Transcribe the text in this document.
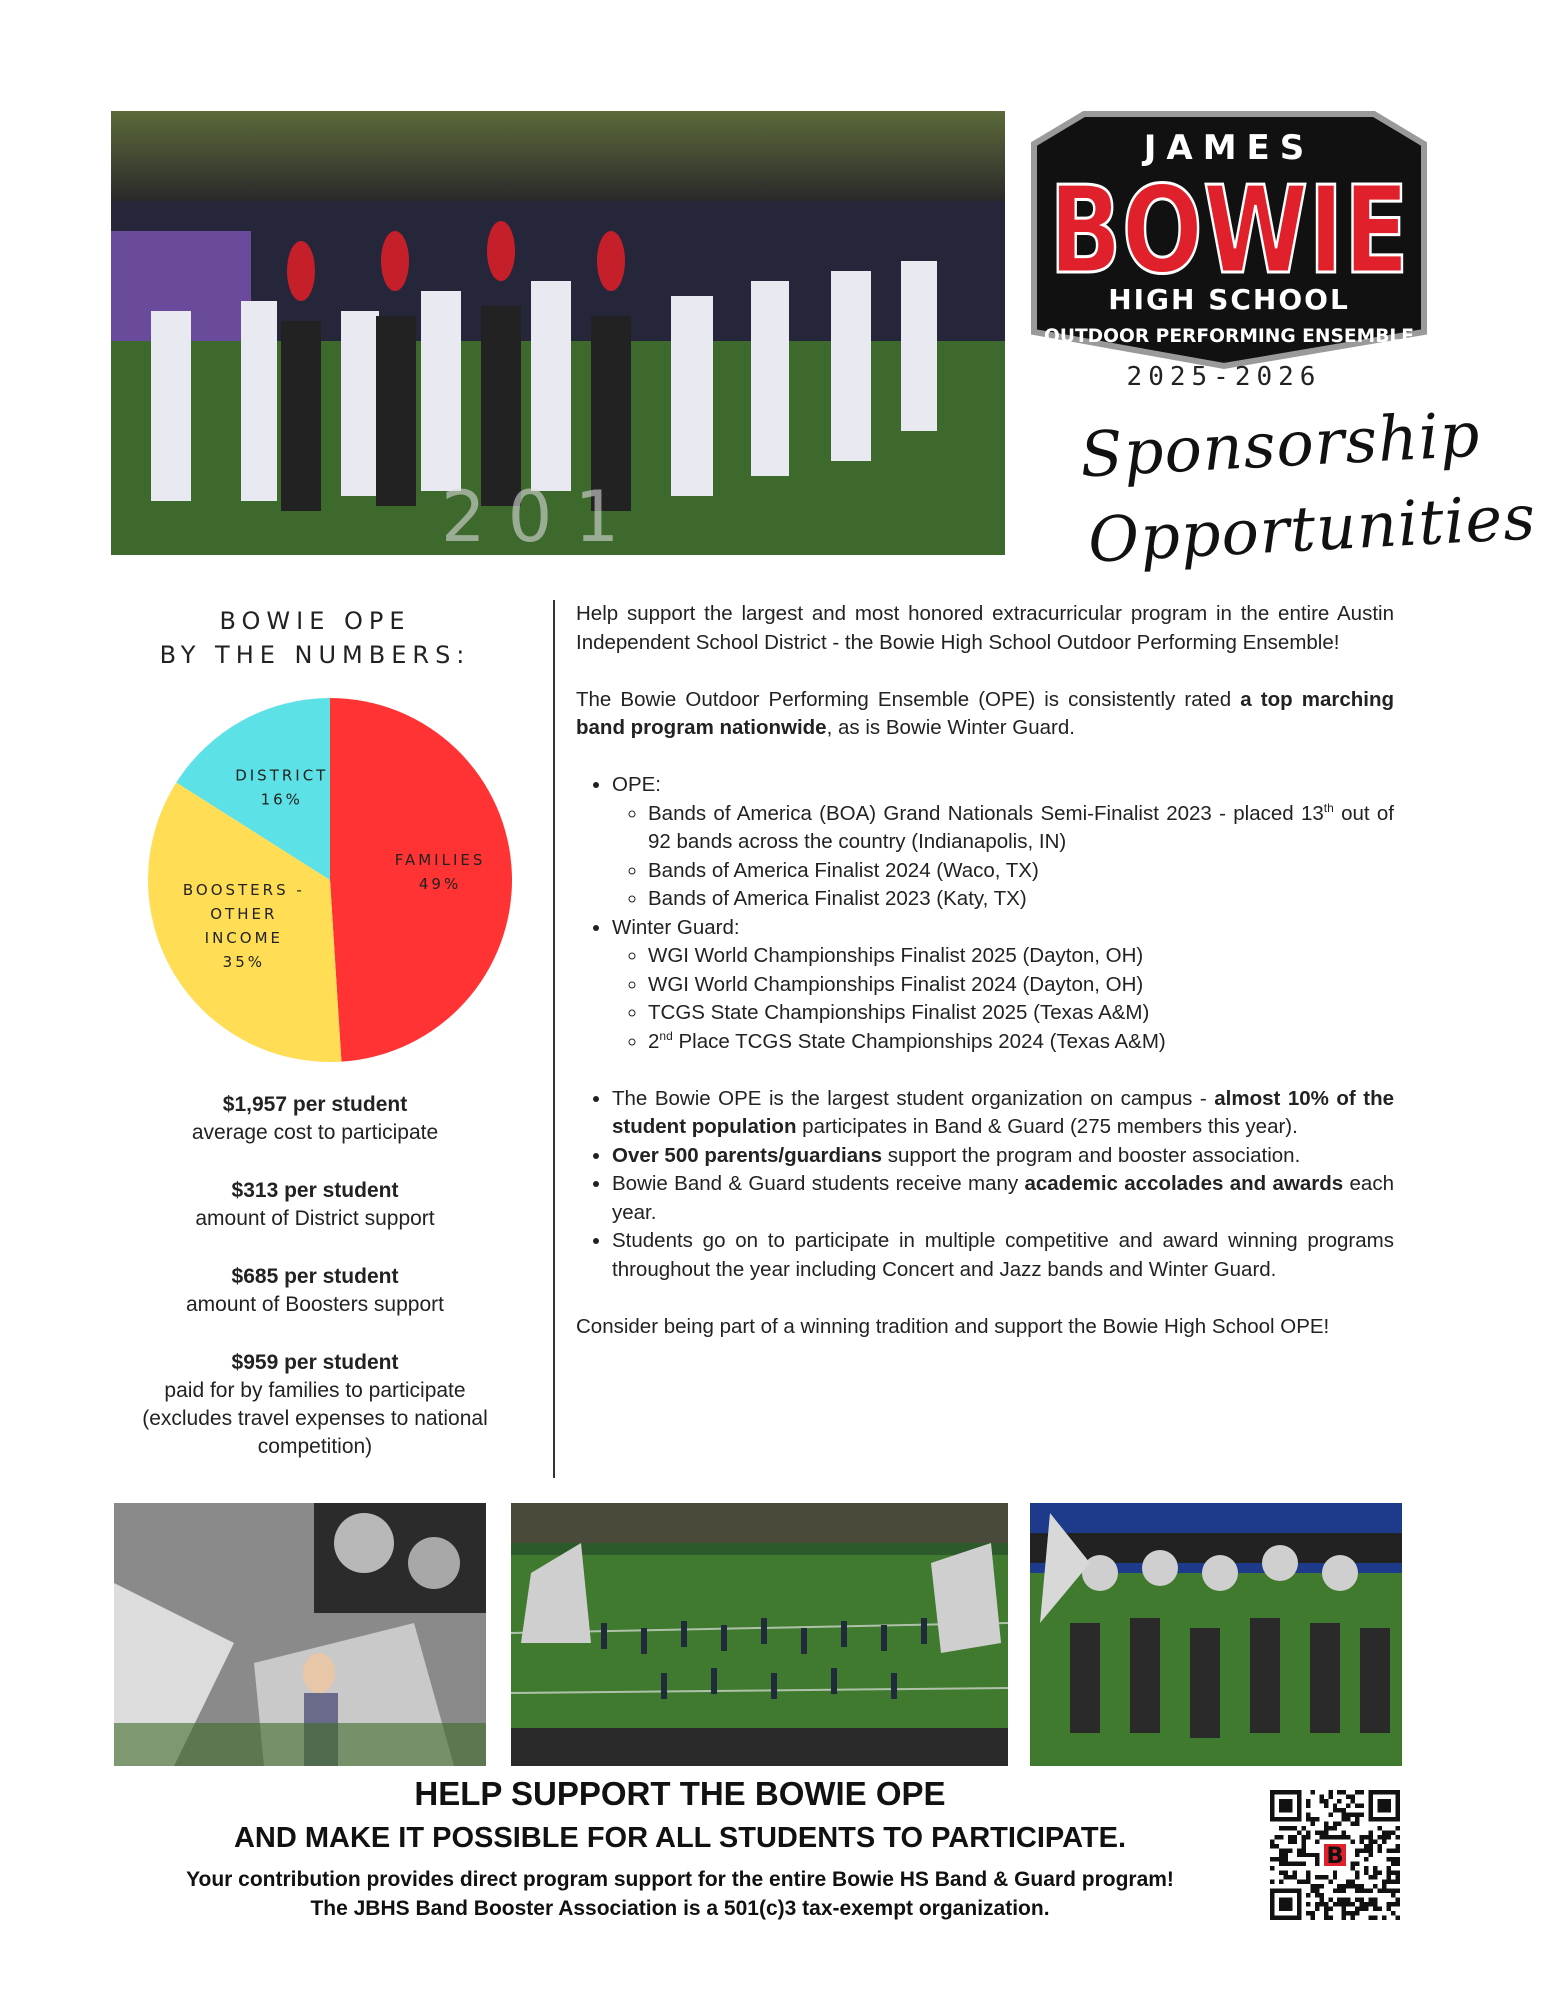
2 0 1
JAMES
BOWIE
HIGH SCHOOL
OUTDOOR PERFORMING ENSEMBLE
2025-2026
Sponsorship
Opportunities
BOWIE OPE
BY THE NUMBERS:
FAMILIES
49%
BOOSTERS -
OTHER
INCOME
35%
DISTRICT
16%
$1,957 per student
average cost to participate
$313 per student
amount of District support
$685 per student
amount of Boosters support
$959 per student
paid for by families to participate (excludes travel expenses to national competition)

Help support the largest and most honored extracurricular program in the entire Austin Independent School District - the Bowie High School Outdoor Performing Ensemble!

The Bowie Outdoor Performing Ensemble (OPE) is consistently rated a top marching band program nationwide, as is Bowie Winter Guard.

• OPE:
◦ Bands of America (BOA) Grand Nationals Semi-Finalist 2023 - placed 13th out of 92 bands across the country (Indianapolis, IN)
◦ Bands of America Finalist 2024 (Waco, TX)
◦ Bands of America Finalist 2023 (Katy, TX)
• Winter Guard:
◦ WGI World Championships Finalist 2025 (Dayton, OH)
◦ WGI World Championships Finalist 2024 (Dayton, OH)
◦ TCGS State Championships Finalist 2025 (Texas A&M)
◦ 2nd Place TCGS State Championships 2024 (Texas A&M)
• The Bowie OPE is the largest student organization on campus - almost 10% of the student population participates in Band & Guard (275 members this year).
• Over 500 parents/guardians support the program and booster association.
• Bowie Band & Guard students receive many academic accolades and awards each year.
• Students go on to participate in multiple competitive and award winning programs throughout the year including Concert and Jazz bands and Winter Guard.

Consider being part of a winning tradition and support the Bowie High School OPE!

HELP SUPPORT THE BOWIE OPE
AND MAKE IT POSSIBLE FOR ALL STUDENTS TO PARTICIPATE.
Your contribution provides direct program support for the entire Bowie HS Band & Guard program!
The JBHS Band Booster Association is a 501(c)3 tax-exempt organization.
B
